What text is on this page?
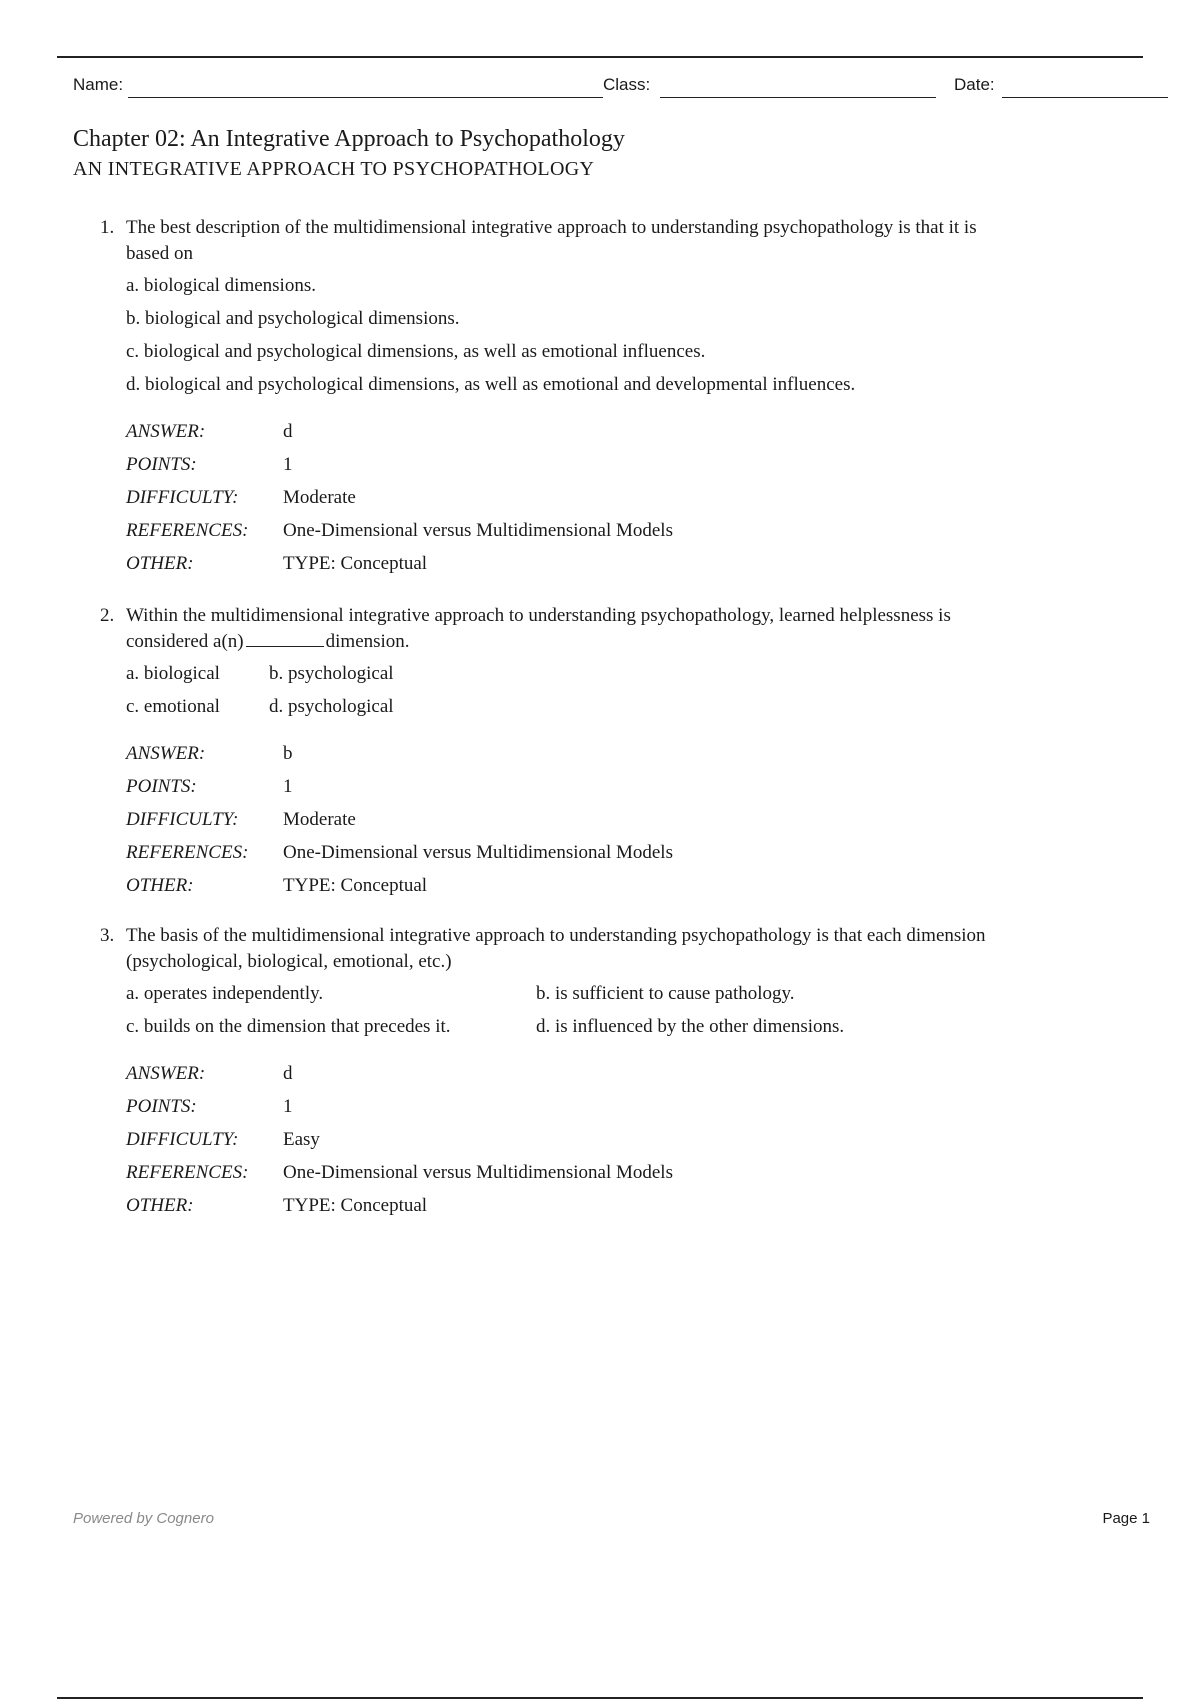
Name:	Class:	Date:
Chapter 02: An Integrative Approach to Psychopathology
AN INTEGRATIVE APPROACH TO PSYCHOPATHOLOGY
1. The best description of the multidimensional integrative approach to understanding psychopathology is that it is
based on
a. biological dimensions.
b. biological and psychological dimensions.
c. biological and psychological dimensions, as well as emotional influences.
d. biological and psychological dimensions, as well as emotional and developmental influences.
ANSWER:	d
POINTS:	1
DIFFICULTY: Moderate
REFERENCES: One-Dimensional versus Multidimensional Models
OTHER:	TYPE: Conceptual
2. Within the multidimensional integrative approach to understanding psychopathology, learned helplessness is
considered a(n)	dimension.
a. biological	b. psychological
c. emotional	d. psychological
ANSWER:	b
POINTS:	1
DIFFICULTY: Moderate
REFERENCES: One-Dimensional versus Multidimensional Models
OTHER:	TYPE: Conceptual
3. The basis of the multidimensional integrative approach to understanding psychopathology is that each dimension
(psychological, biological, emotional, etc.)
a. operates independently.	b. is sufficient to cause pathology.
c. builds on the dimension that precedes it.	d. is influenced by the other dimensions.
ANSWER:	d
POINTS:	1
DIFFICULTY: Easy
REFERENCES: One-Dimensional versus Multidimensional Models
OTHER:	TYPE: Conceptual
Powered by Cognero	Page 1
